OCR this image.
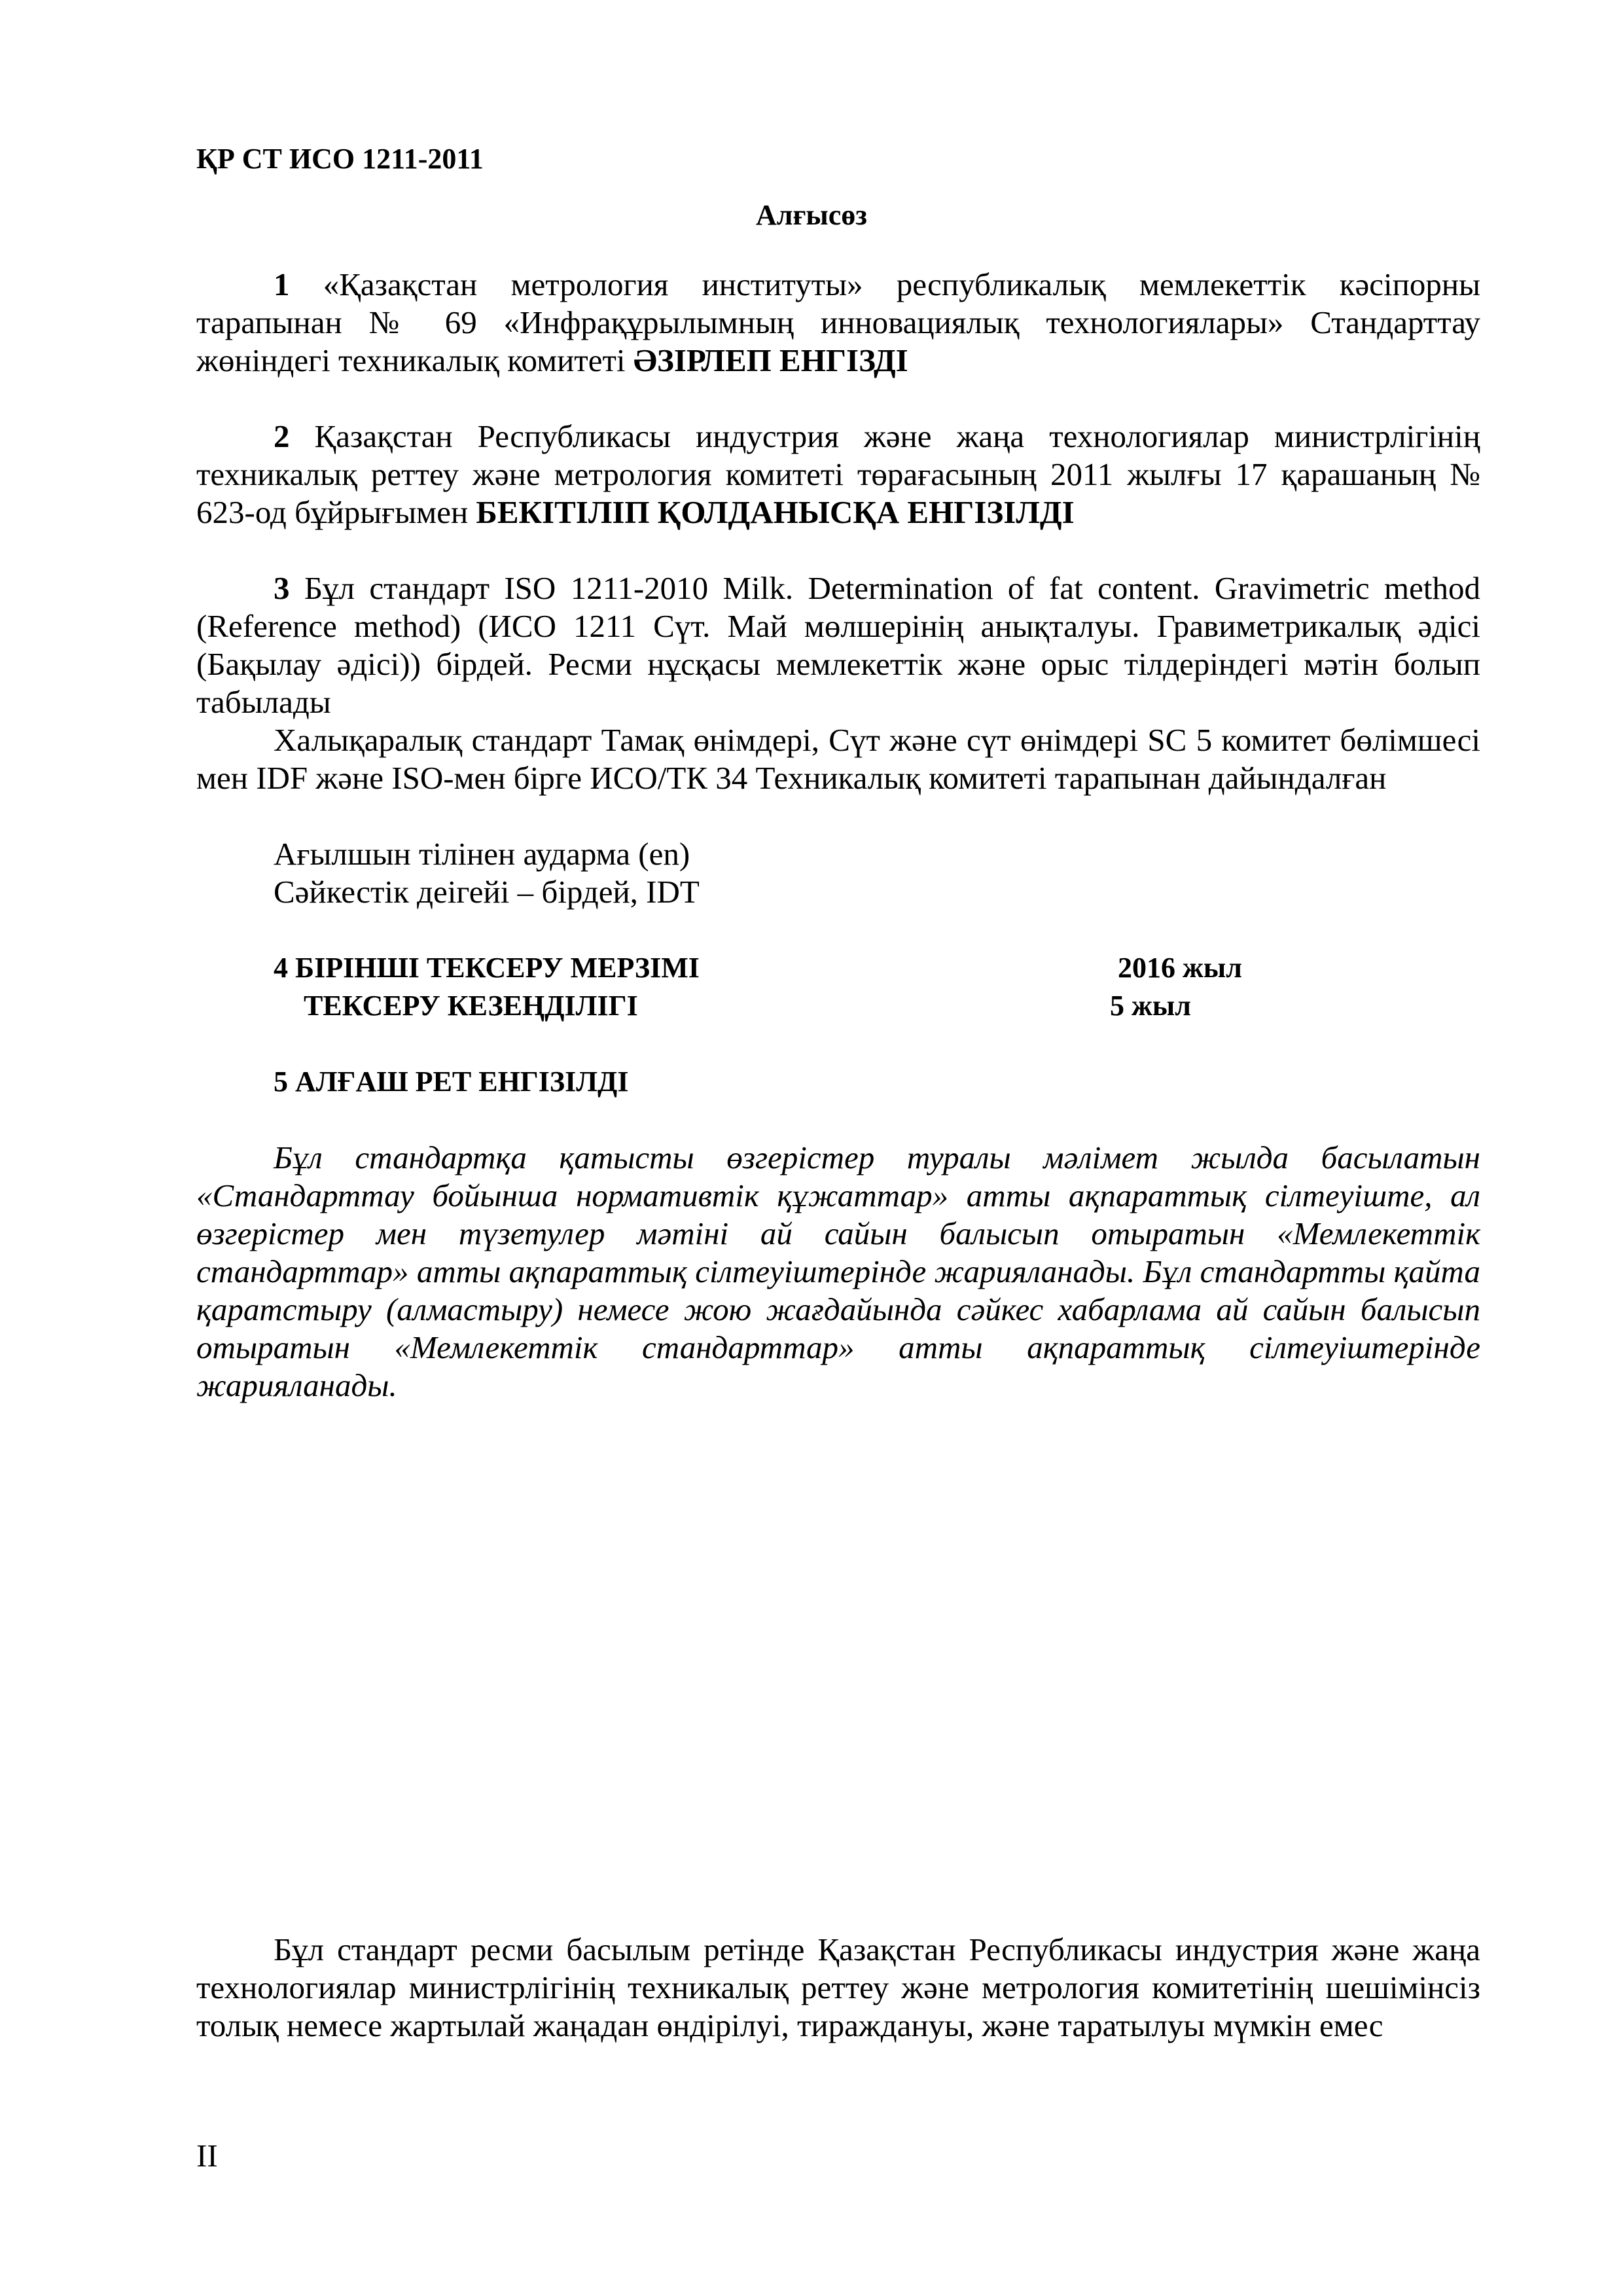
ҚР СТ ИСО 1211-2011
Алғысөз
1 «Қазақстан метрология институты» республикалық мемлекеттік кәсіпорны тарапынан № 69 «Инфрақұрылымның инновациялық технологиялары» Стандарттау жөніндегі техникалық комитеті ӘЗІРЛЕП ЕНГІЗДІ
2 Қазақстан Республикасы индустрия және жаңа технологиялар министрлігінің техникалық реттеу және метрология комитеті төрағасының 2011 жылғы 17 қарашаның № 623-од бұйрығымен БЕКІТІЛІП ҚОЛДАНЫСҚА ЕНГІЗІЛДІ
3 Бұл стандарт ISO 1211-2010 Milk. Determination of fat content. Gravimetric method (Reference method) (ИСО 1211 Сүт. Май мөлшерінің анықталуы. Гравиметрикалық әдісі (Бақылау әдісі)) бірдей. Ресми нұсқасы мемлекеттік және орыс тілдеріндегі мәтін болып табылады
Халықаралық стандарт Тамақ өнімдері, Сүт және сүт өнімдері SC 5 комитет бөлімшесі мен IDF және ISO-мен бірге ИСО/ТК 34 Техникалық комитеті тарапынан дайындалған
Ағылшын тілінен аударма (en)
Сәйкестік деігейі – бірдей, IDT
4 БІРІНШІ ТЕКСЕРУ МЕРЗІМІ	2016 жыл
ТЕКСЕРУ КЕЗЕҢДІЛІГІ	5 жыл
5 АЛҒАШ РЕТ ЕНГІЗІЛДІ
Бұл стандартқа қатысты өзгерістер туралы мәлімет жылда басылатын «Стандарттау бойынша нормативтік құжаттар» атты ақпараттық сілтеуіште, ал өзгерістер мен түзетулер мәтіні ай сайын балысып отыратын «Мемлекеттік стандарттар» атты ақпараттық сілтеуіштерінде жарияланады. Бұл стандартты қайта қаратстыру (алмастыру) немесе жою жағдайында сәйкес хабарлама ай сайын балысып отыратын «Мемлекеттік стандарттар» атты ақпараттық сілтеуіштерінде жарияланады.
Бұл стандарт ресми басылым ретінде Қазақстан Республикасы индустрия және жаңа технологиялар министрлігінің техникалық реттеу және метрология комитетінің шешімінсіз толық немесе жартылай жаңадан өндірілуі, тираждануы, және таратылуы мүмкін емес
II
